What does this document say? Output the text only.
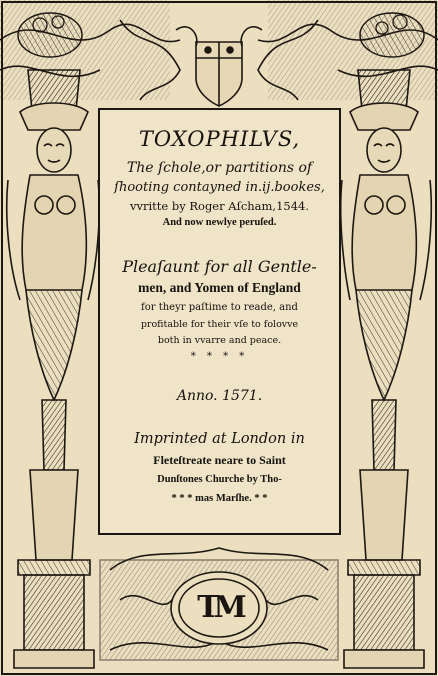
TOXOPHILVS,
The ſchole,or partitions of
ſhooting contayned in.ij.bookes,
vvritte by Roger Aſcham,1544.
And now newlye peruſed.
Pleaſaunt for all Gentle-
men, and Yomen of England
for theyr paſtime to reade, and
profitable for their vſe to folovve
both in vvarre and peace.
* * * *
Anno. 1571.
Imprinted at London in
Fleteſtreate neare to Saint
Dunſtones Churche by Tho-
* * * mas Marſhe. * *
TM
